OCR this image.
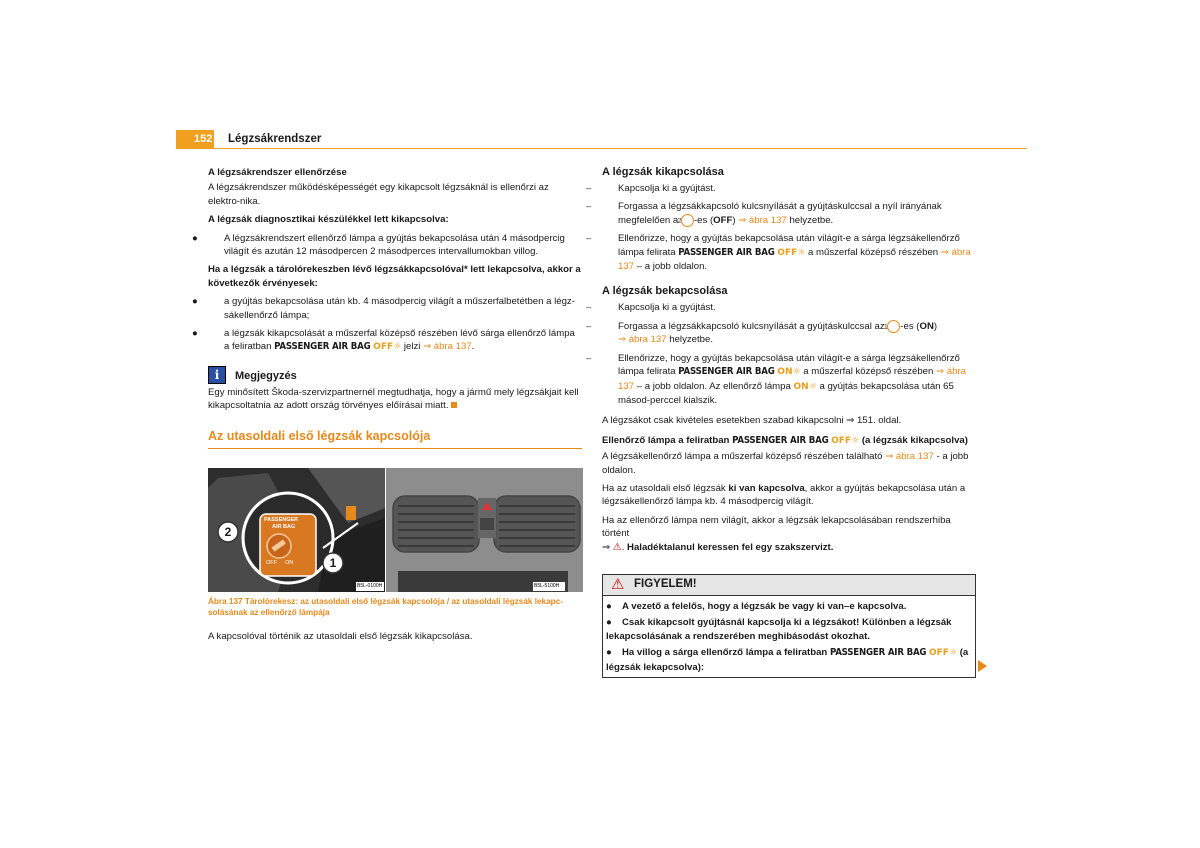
152 Légzsákrendszer

A légzsákrendszer ellenőrzése

A légzsákrendszer működésképességét egy kikapcsolt légzsáknál is ellenőrzi az elektro-nika.

A légzsák diagnosztikai készülékkel lett kikapcsolva:

●	A légzsákrendszert ellenőrző lámpa a gyújtás bekapcsolása után 4 másodpercig világít és azután 12 másodpercen 2 másodperces intervallumokban villog.

Ha a légzsák a tárolórekeszben lévő légzsákkapcsolóval* lett lekapcsolva, akkor a következők érvényesek:

●	a gyújtás bekapcsolása után kb. 4 másodpercig világít a műszerfalbetétben a légz-sákellenőrző lámpa;

●	a légzsák kikapcsolását a műszerfal középső részében lévő sárga ellenőrző lámpa a feliratban PASSENGER AIR BAG OFF☼ jelzi ⇒ ábra 137.

i	Megjegyzés

Egy minősített Škoda-szervizpartnernél megtudhatja, hogy a jármű mely légzsákjait kell kikapcsoltatnia az adott ország törvényes előírásai miatt.

Az utasoldali első légzsák kapcsolója
1
2
PASSENGER
AIR BAG
OFF ON
B5L-0100H	B5L-5100H

Ábra 137 Tárolórekesz: az utasoldali első légzsák kapcsolója / az utasoldali légzsák lekapc-solásának az ellenőrző lámpája

A kapcsolóval történik az utasoldali első légzsák kikapcsolása.

A légzsák kikapcsolása

–	Kapcsolja ki a gyújtást.

–	Forgassa a légzsákkapcsoló kulcsnyílását a gyújtáskulccsal a nyíl irányának megfelelően a 2 -es (OFF) ⇒ ábra 137 helyzetbe.

–	Ellenőrizze, hogy a gyújtás bekapcsolása után világít-e a sárga légzsákellenőrző lámpa felirata PASSENGER AIR BAG OFF☼ a műszerfal középső részében ⇒ ábra 137 – a jobb oldalon.

A légzsák bekapcsolása

–	Kapcsolja ki a gyújtást.

–	Forgassa a légzsákkapcsoló kulcsnyílását a gyújtáskulccsal az 1 -es (ON)
⇒ ábra 137 helyzetbe.

–	Ellenőrizze, hogy a gyújtás bekapcsolása után világít-e a sárga légzsákellenőrző lámpa felirata PASSENGER AIR BAG ON☼ a műszerfal középső részében ⇒ ábra 137 – a jobb oldalon. Az ellenőrző lámpa ON☼ a gyújtás bekapcsolása után 65 másod-perccel kialszik.

A légzsákot csak kivételes esetekben szabad kikapcsolni ⇒ 151. oldal.

Ellenőrző lámpa a feliratban PASSENGER AIR BAG OFF☼ (a légzsák kikapcsolva)

A légzsákellenőrző lámpa a műszerfal középső részében található ⇒ ábra 137 - a jobb oldalon.

Ha az utasoldali első légzsák ki van kapcsolva, akkor a gyújtás bekapcsolása után a légzsákellenőrző lámpa kb. 4 másodpercig világít.

Ha az ellenőrző lámpa nem világít, akkor a légzsák lekapcsolásában rendszerhiba történt
⇒ ⚠. Haladéktalanul keressen fel egy szakszervizt.

⚠ FIGYELEM!

● A vezető a felelős, hogy a légzsák be vagy ki van–e kapcsolva.

● Csak kikapcsolt gyújtásnál kapcsolja ki a légzsákot! Különben a légzsák lekapcsolásának a rendszerében meghibásodást okozhat.

● Ha villog a sárga ellenőrző lámpa a feliratban PASSENGER AIR BAG OFF☼ (a légzsák lekapcsolva):
